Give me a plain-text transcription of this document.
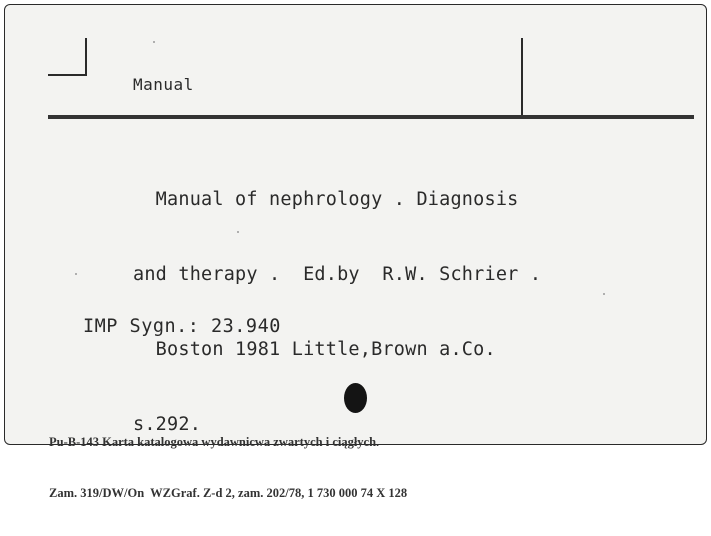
Manual

Manual of nephrology . Diagnosis

and therapy .  Ed.by  R.W. Schrier .

Boston 1981 Little,Brown a.Co.

s.292.

IMP Sygn.: 23.940

Pu-B-143 Karta katalogowa wydawnicwa zwartych i ciągłych.

Zam. 319/DW/On  WZGraf. Z-d 2, zam. 202/78, 1 730 000 74 X 128
